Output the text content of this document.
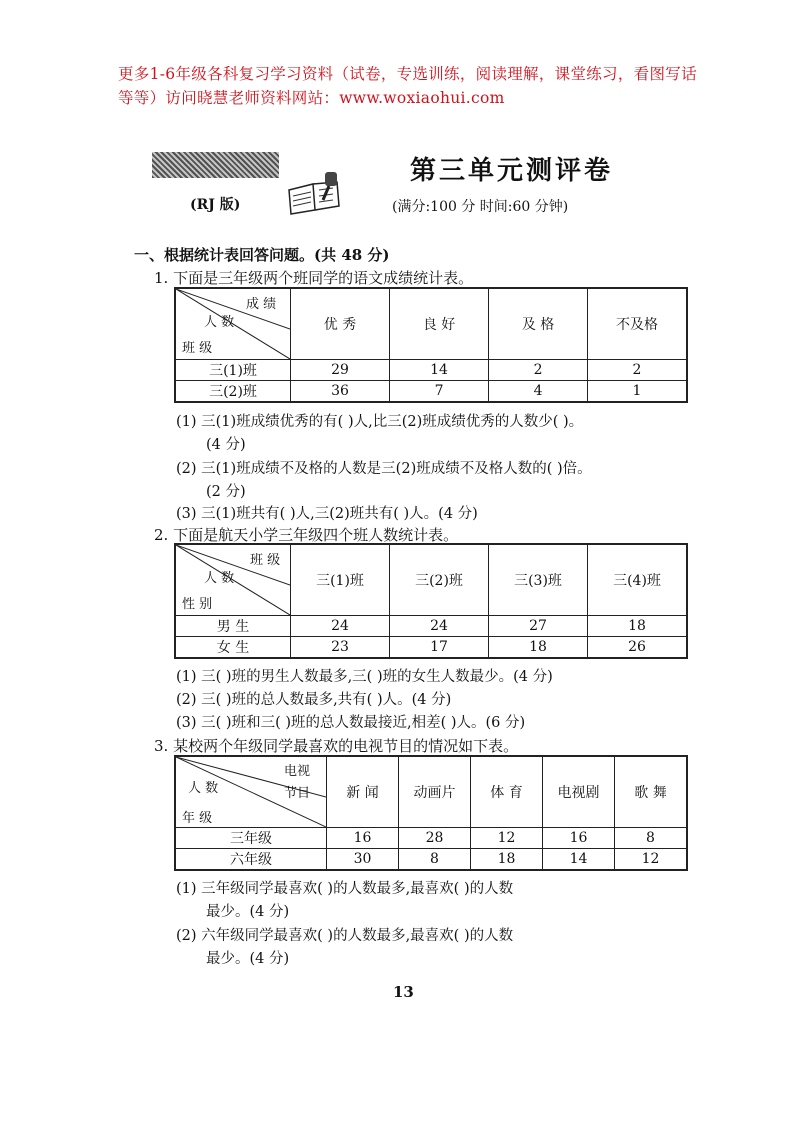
更多1-6年级各科复习学习资料（试卷，专选训练，阅读理解，课堂练习，看图写话等等）访问晓慧老师资料网站：www.woxiaohui.com
(RJ 版)
第三单元测评卷
(满分:100 分 时间:60 分钟)
一、根据统计表回答问题。(共 48 分)
1. 下面是三年级两个班同学的语文成绩统计表。
成 绩
人 数
班 级	优 秀	良 好	及 格	不及格
三(1)班	29	14	2	2
三(2)班	36	7	4	1
(1) 三(1)班成绩优秀的有( )人,比三(2)班成绩优秀的人数少( )。
(4 分)
(2) 三(1)班成绩不及格的人数是三(2)班成绩不及格人数的( )倍。
(2 分)
(3) 三(1)班共有( )人,三(2)班共有( )人。(4 分)
2. 下面是航天小学三年级四个班人数统计表。
班 级
人 数
性 别	三(1)班	三(2)班	三(3)班	三(4)班
男 生	24	24	27	18
女 生	23	17	18	26
(1) 三( )班的男生人数最多,三( )班的女生人数最少。(4 分)
(2) 三( )班的总人数最多,共有( )人。(4 分)
(3) 三( )班和三( )班的总人数最接近,相差( )人。(6 分)
3. 某校两个年级同学最喜欢的电视节目的情况如下表。
电视
节目
人 数
年 级	新 闻	动画片	体 育	电视剧	歌 舞
三年级	16	28	12	16	8
六年级	30	8	18	14	12
(1) 三年级同学最喜欢( )的人数最多,最喜欢( )的人数
最少。(4 分)
(2) 六年级同学最喜欢( )的人数最多,最喜欢( )的人数
最少。(4 分)
13
